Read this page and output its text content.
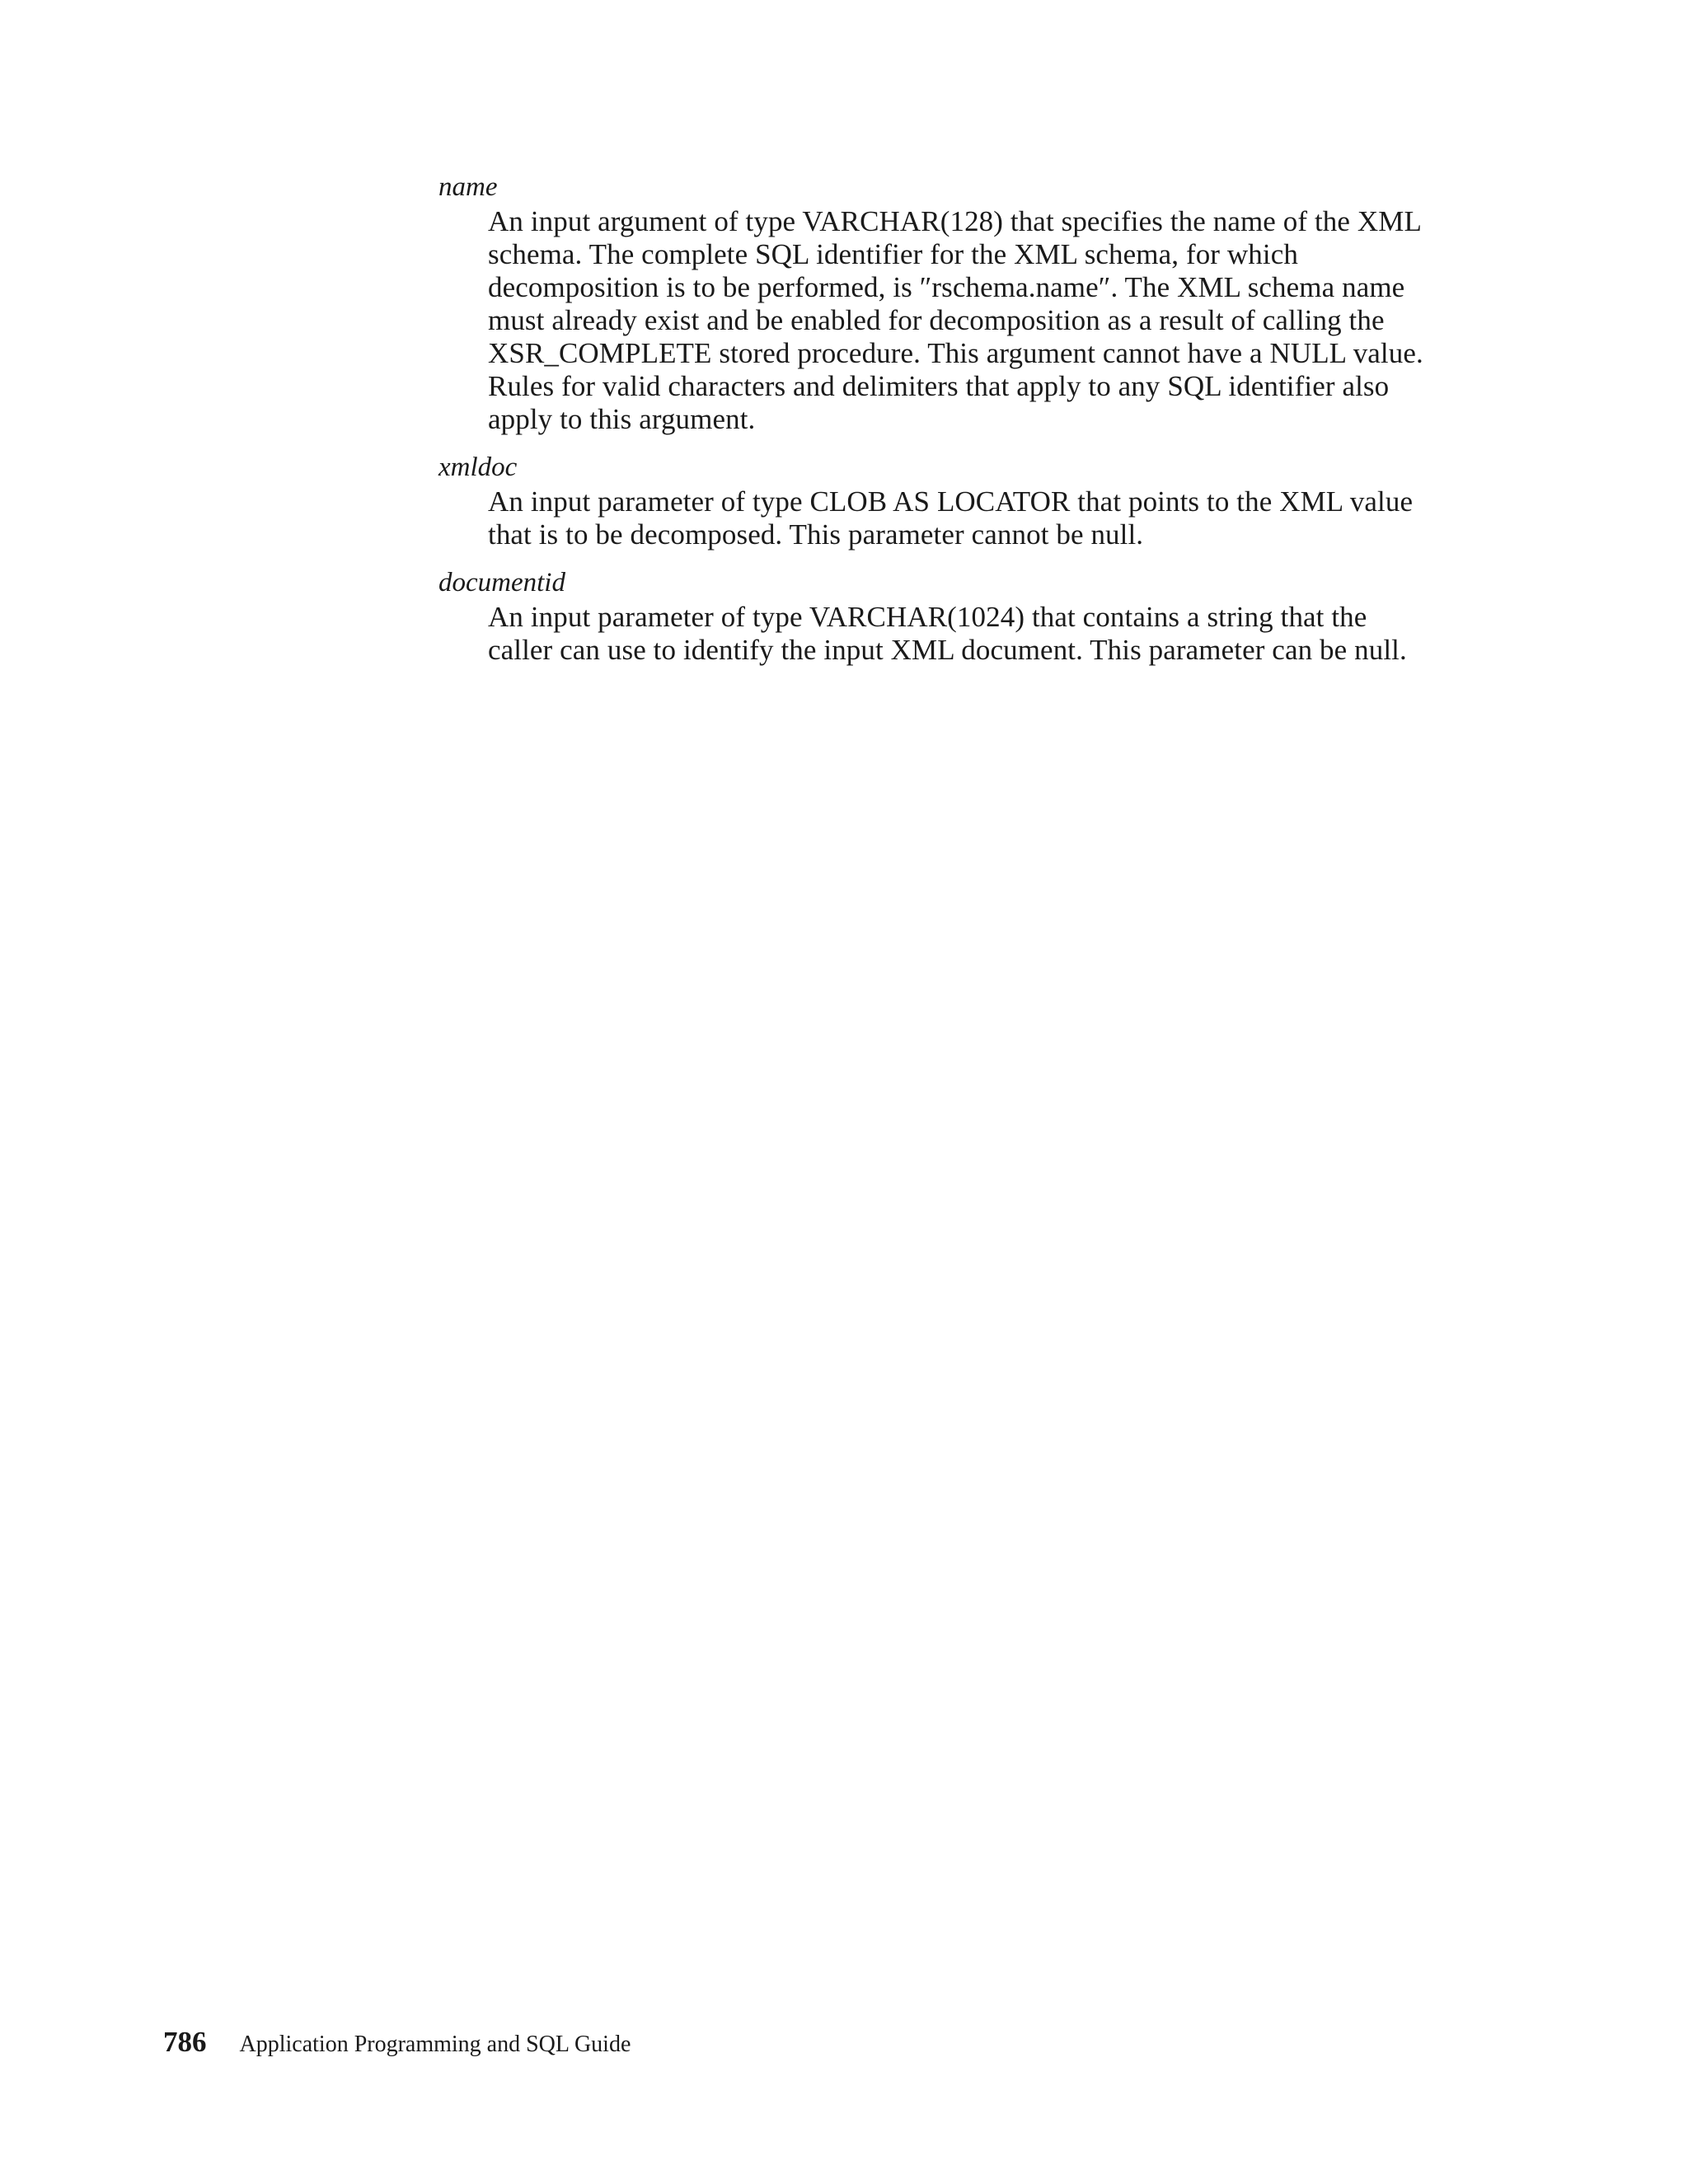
name

An input argument of type VARCHAR(128) that specifies the name of the XML
schema. The complete SQL identifier for the XML schema, for which
decomposition is to be performed, is ″rschema.name″. The XML schema name
must already exist and be enabled for decomposition as a result of calling the
XSR_COMPLETE stored procedure. This argument cannot have a NULL value.
Rules for valid characters and delimiters that apply to any SQL identifier also
apply to this argument.

xmldoc

An input parameter of type CLOB AS LOCATOR that points to the XML value
that is to be decomposed. This parameter cannot be null.

documentid

An input parameter of type VARCHAR(1024) that contains a string that the
caller can use to identify the input XML document. This parameter can be null.

786 Application Programming and SQL Guide
